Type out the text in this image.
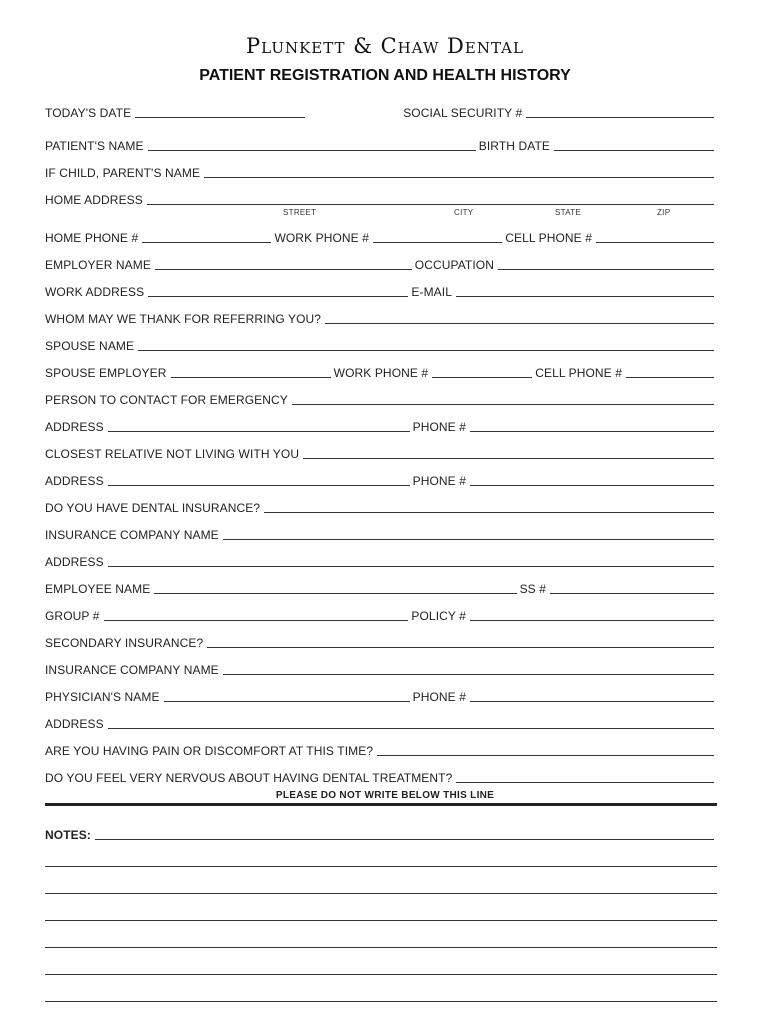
Plunkett & Chaw Dental
PATIENT REGISTRATION AND HEALTH HISTORY
TODAY'S DATE	SOCIAL SECURITY #
PATIENT'S NAME	BIRTH DATE
IF CHILD, PARENT'S NAME
HOME ADDRESS
STREET	CITY	STATE	ZIP
HOME PHONE #	WORK PHONE #	CELL PHONE #
EMPLOYER NAME	OCCUPATION
WORK ADDRESS	E-MAIL
WHOM MAY WE THANK FOR REFERRING YOU?
SPOUSE NAME
SPOUSE EMPLOYER	WORK PHONE #	CELL PHONE #
PERSON TO CONTACT FOR EMERGENCY
ADDRESS	PHONE #
CLOSEST RELATIVE NOT LIVING WITH YOU
ADDRESS	PHONE #
DO YOU HAVE DENTAL INSURANCE?
INSURANCE COMPANY NAME
ADDRESS
EMPLOYEE NAME	SS #
GROUP #	POLICY #
SECONDARY INSURANCE?
INSURANCE COMPANY NAME
PHYSICIAN'S NAME	PHONE #
ADDRESS
ARE YOU HAVING PAIN OR DISCOMFORT AT THIS TIME?
DO YOU FEEL VERY NERVOUS ABOUT HAVING DENTAL TREATMENT?
PLEASE DO NOT WRITE BELOW THIS LINE
NOTES:
